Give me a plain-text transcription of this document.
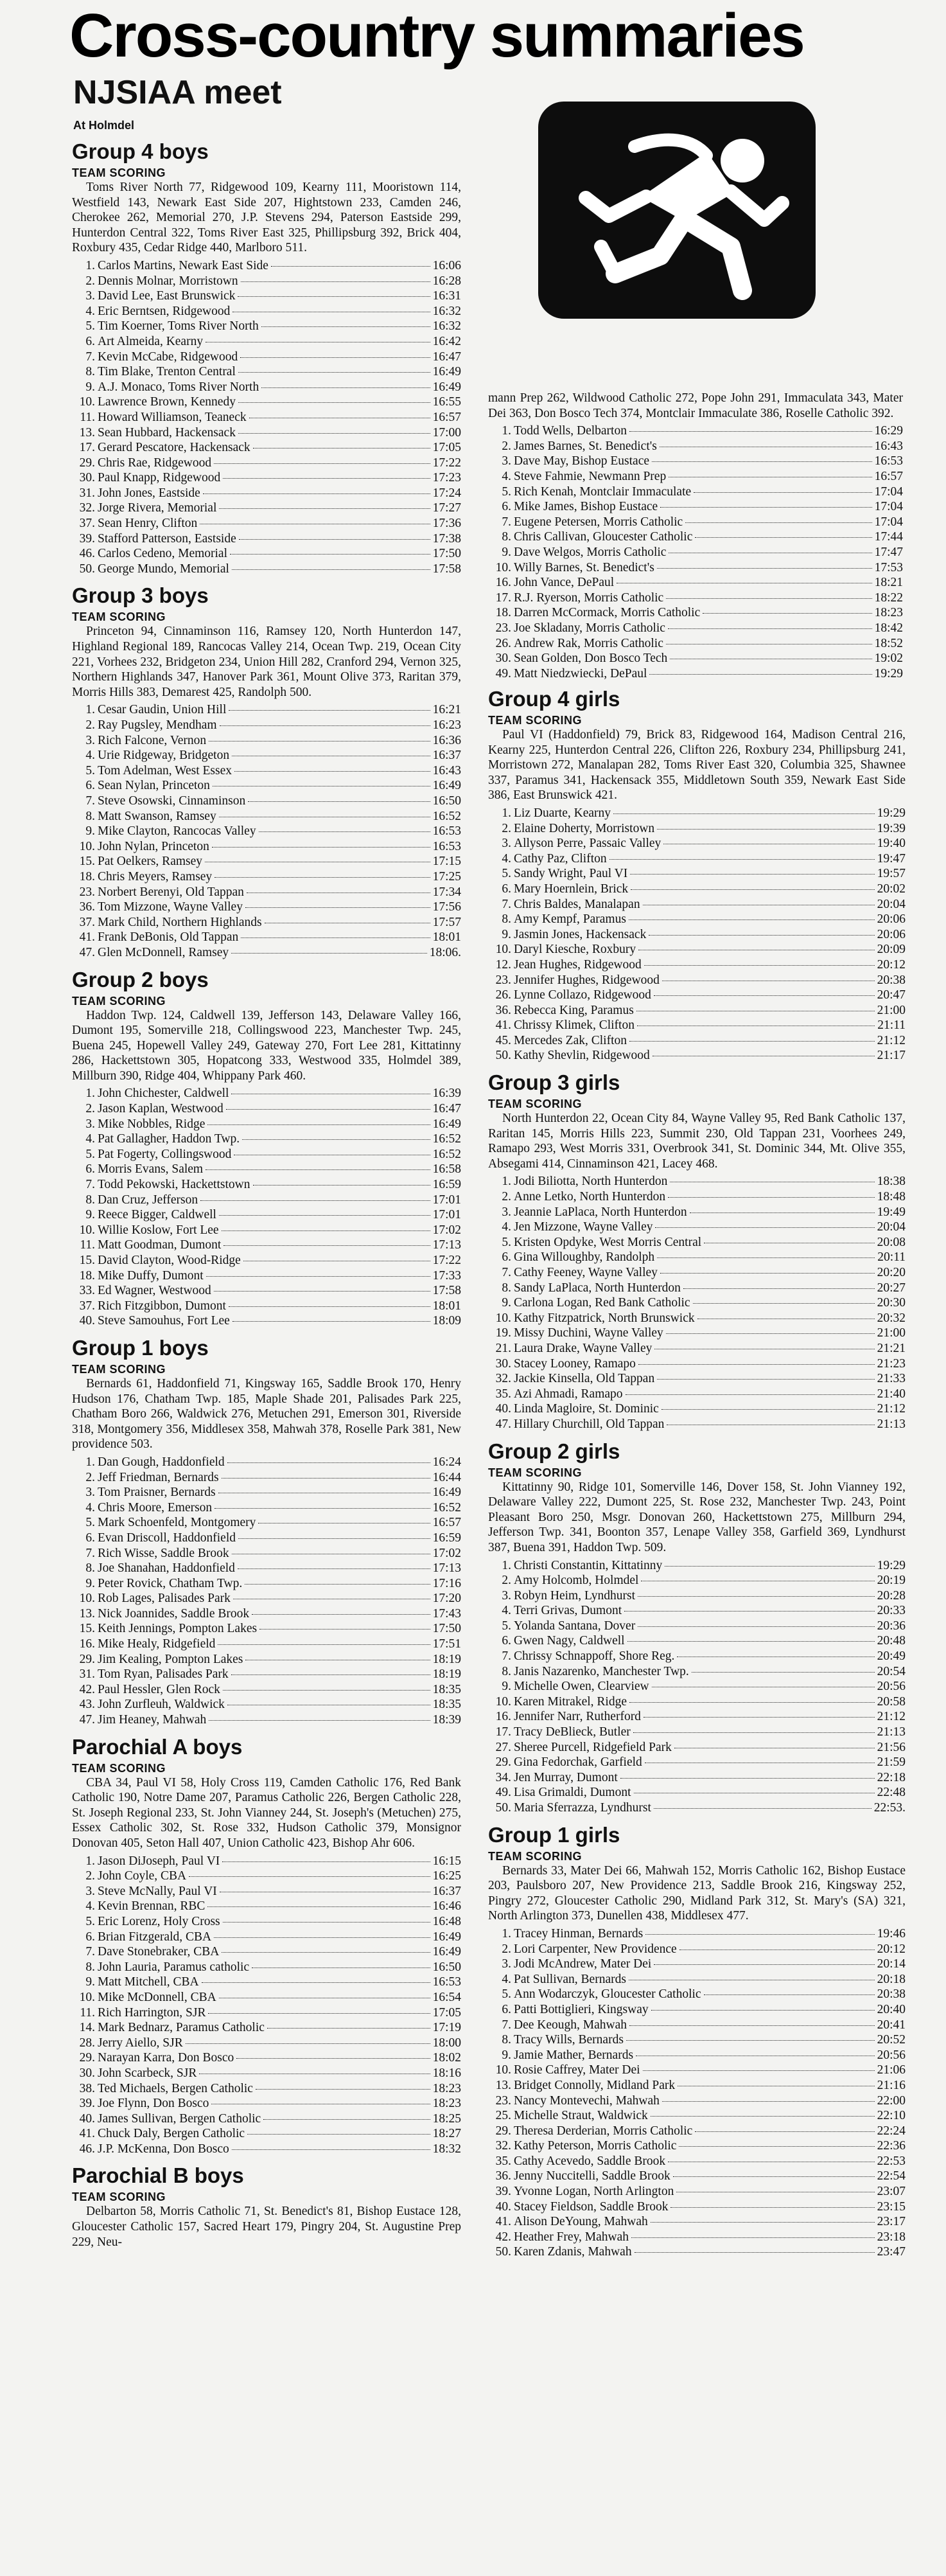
Cross-country summaries
NJSIAA meet
At Holmdel
Group 4 boys
TEAM SCORING
Toms River North 77, Ridgewood 109, Kearny 111, Mooristown 114, Westfield 143, Newark East Side 207, Hightstown 233, Camden 246, Cherokee 262, Memorial 270, J.P. Stevens 294, Paterson Eastside 299, Hunterdon Central 322, Toms River East 325, Phillipsburg 392, Brick 404, Roxbury 435, Cedar Ridge 440, Marlboro 511.
1. Carlos Martins, Newark East Side	16:06
2. Dennis Molnar, Morristown	16:28
3. David Lee, East Brunswick	16:31
4. Eric Berntsen, Ridgewood	16:32
5. Tim Koerner, Toms River North	16:32
6. Art Almeida, Kearny	16:42
7. Kevin McCabe, Ridgewood	16:47
8. Tim Blake, Trenton Central	16:49
9. A.J. Monaco, Toms River North	16:49
10. Lawrence Brown, Kennedy	16:55
11. Howard Williamson, Teaneck	16:57
13. Sean Hubbard, Hackensack	17:00
17. Gerard Pescatore, Hackensack	17:05
29. Chris Rae, Ridgewood	17:22
30. Paul Knapp, Ridgewood	17:23
31. John Jones, Eastside	17:24
32. Jorge Rivera, Memorial	17:27
37. Sean Henry, Clifton	17:36
39. Stafford Patterson, Eastside	17:38
46. Carlos Cedeno, Memorial	17:50
50. George Mundo, Memorial	17:58
Group 3 boys
TEAM SCORING
Princeton 94, Cinnaminson 116, Ramsey 120, North Hunterdon 147, Highland Regional 189, Rancocas Valley 214, Ocean Twp. 219, Ocean City 221, Vorhees 232, Bridgeton 234, Union Hill 282, Cranford 294, Vernon 325, Northern Highlands 347, Hanover Park 361, Mount Olive 373, Raritan 379, Morris Hills 383, Demarest 425, Randolph 500.
1. Cesar Gaudin, Union Hill	16:21
2. Ray Pugsley, Mendham	16:23
3. Rich Falcone, Vernon	16:36
4. Urie Ridgeway, Bridgeton	16:37
5. Tom Adelman, West Essex	16:43
6. Sean Nylan, Princeton	16:49
7. Steve Osowski, Cinnaminson	16:50
8. Matt Swanson, Ramsey	16:52
9. Mike Clayton, Rancocas Valley	16:53
10. John Nylan, Princeton	16:53
15. Pat Oelkers, Ramsey	17:15
18. Chris Meyers, Ramsey	17:25
23. Norbert Berenyi, Old Tappan	17:34
36. Tom Mizzone, Wayne Valley	17:56
37. Mark Child, Northern Highlands	17:57
41. Frank DeBonis, Old Tappan	18:01
47. Glen McDonnell, Ramsey	18:06.
Group 2 boys
TEAM SCORING
Haddon Twp. 124, Caldwell 139, Jefferson 143, Delaware Valley 166, Dumont 195, Somerville 218, Collingswood 223, Manchester Twp. 245, Buena 245, Hopewell Valley 249, Gateway 270, Fort Lee 281, Kittatinny 286, Hackettstown 305, Hopatcong 333, Westwood 335, Holmdel 389, Millburn 390, Ridge 404, Whippany Park 460.
1. John Chichester, Caldwell	16:39
2. Jason Kaplan, Westwood	16:47
3. Mike Nobbles, Ridge	16:49
4. Pat Gallagher, Haddon Twp.	16:52
5. Pat Fogerty, Collingswood	16:52
6. Morris Evans, Salem	16:58
7. Todd Pekowski, Hackettstown	16:59
8. Dan Cruz, Jefferson	17:01
9. Reece Bigger, Caldwell	17:01
10. Willie Koslow, Fort Lee	17:02
11. Matt Goodman, Dumont	17:13
15. David Clayton, Wood-Ridge	17:22
18. Mike Duffy, Dumont	17:33
33. Ed Wagner, Westwood	17:58
37. Rich Fitzgibbon, Dumont	18:01
40. Steve Samouhus, Fort Lee	18:09
Group 1 boys
TEAM SCORING
Bernards 61, Haddonfield 71, Kingsway 165, Saddle Brook 170, Henry Hudson 176, Chatham Twp. 185, Maple Shade 201, Palisades Park 225, Chatham Boro 266, Waldwick 276, Metuchen 291, Emerson 301, Riverside 318, Montgomery 356, Middlesex 358, Mahwah 378, Roselle Park 381, New providence 503.
1. Dan Gough, Haddonfield	16:24
2. Jeff Friedman, Bernards	16:44
3. Tom Praisner, Bernards	16:49
4. Chris Moore, Emerson	16:52
5. Mark Schoenfeld, Montgomery	16:57
6. Evan Driscoll, Haddonfield	16:59
7. Rich Wisse, Saddle Brook	17:02
8. Joe Shanahan, Haddonfield	17:13
9. Peter Rovick, Chatham Twp.	17:16
10. Rob Lages, Palisades Park	17:20
13. Nick Joannides, Saddle Brook	17:43
15. Keith Jennings, Pompton Lakes	17:50
16. Mike Healy, Ridgefield	17:51
29. Jim Kealing, Pompton Lakes	18:19
31. Tom Ryan, Palisades Park	18:19
42. Paul Hessler, Glen Rock	18:35
43. John Zurfleuh, Waldwick	18:35
47. Jim Heaney, Mahwah	18:39
Parochial A boys
TEAM SCORING
CBA 34, Paul VI 58, Holy Cross 119, Camden Catholic 176, Red Bank Catholic 190, Notre Dame 207, Paramus Catholic 226, Bergen Catholic 228, St. Joseph Regional 233, St. John Vianney 244, St. Joseph's (Metuchen) 275, Essex Catholic 302, St. Rose 332, Hudson Catholic 379, Monsignor Donovan 405, Seton Hall 407, Union Catholic 423, Bishop Ahr 606.
1. Jason DiJoseph, Paul VI	16:15
2. John Coyle, CBA	16:25
3. Steve McNally, Paul VI	16:37
4. Kevin Brennan, RBC	16:46
5. Eric Lorenz, Holy Cross	16:48
6. Brian Fitzgerald, CBA	16:49
7. Dave Stonebraker, CBA	16:49
8. John Lauria, Paramus catholic	16:50
9. Matt Mitchell, CBA	16:53
10. Mike McDonnell, CBA	16:54
11. Rich Harrington, SJR	17:05
14. Mark Bednarz, Paramus Catholic	17:19
28. Jerry Aiello, SJR	18:00
29. Narayan Karra, Don Bosco	18:02
30. John Scarbeck, SJR	18:16
38. Ted Michaels, Bergen Catholic	18:23
39. Joe Flynn, Don Bosco	18:23
40. James Sullivan, Bergen Catholic	18:25
41. Chuck Daly, Bergen Catholic	18:27
46. J.P. McKenna, Don Bosco	18:32
Parochial B boys
TEAM SCORING
Delbarton 58, Morris Catholic 71, St. Benedict's 81, Bishop Eustace 128, Gloucester Catholic 157, Sacred Heart 179, Pingry 204, St. Augustine Prep 229, Neu-
mann Prep 262, Wildwood Catholic 272, Pope John 291, Immaculata 343, Mater Dei 363, Don Bosco Tech 374, Montclair Immaculate 386, Roselle Catholic 392.
1. Todd Wells, Delbarton	16:29
2. James Barnes, St. Benedict's	16:43
3. Dave May, Bishop Eustace	16:53
4. Steve Fahmie, Newmann Prep	16:57
5. Rich Kenah, Montclair Immaculate	17:04
6. Mike James, Bishop Eustace	17:04
7. Eugene Petersen, Morris Catholic	17:04
8. Chris Callivan, Gloucester Catholic	17:44
9. Dave Welgos, Morris Catholic	17:47
10. Willy Barnes, St. Benedict's	17:53
16. John Vance, DePaul	18:21
17. R.J. Ryerson, Morris Catholic	18:22
18. Darren McCormack, Morris Catholic	18:23
23. Joe Skladany, Morris Catholic	18:42
26. Andrew Rak, Morris Catholic	18:52
30. Sean Golden, Don Bosco Tech	19:02
49. Matt Niedzwiecki, DePaul	19:29
Group 4 girls
TEAM SCORING
Paul VI (Haddonfield) 79, Brick 83, Ridgewood 164, Madison Central 216, Kearny 225, Hunterdon Central 226, Clifton 226, Roxbury 234, Phillipsburg 241, Morristown 272, Manalapan 282, Toms River East 320, Columbia 325, Shawnee 337, Paramus 341, Hackensack 355, Middletown South 359, Newark East Side 386, East Brunswick 421.
1. Liz Duarte, Kearny	19:29
2. Elaine Doherty, Morristown	19:39
3. Allyson Perre, Passaic Valley	19:40
4. Cathy Paz, Clifton	19:47
5. Sandy Wright, Paul VI	19:57
6. Mary Hoernlein, Brick	20:02
7. Chris Baldes, Manalapan	20:04
8. Amy Kempf, Paramus	20:06
9. Jasmin Jones, Hackensack	20:06
10. Daryl Kiesche, Roxbury	20:09
12. Jean Hughes, Ridgewood	20:12
23. Jennifer Hughes, Ridgewood	20:38
26. Lynne Collazo, Ridgewood	20:47
36. Rebecca King, Paramus	21:00
41. Chrissy Klimek, Clifton	21:11
45. Mercedes Zak, Clifton	21:12
50. Kathy Shevlin, Ridgewood	21:17
Group 3 girls
TEAM SCORING
North Hunterdon 22, Ocean City 84, Wayne Valley 95, Red Bank Catholic 137, Raritan 145, Morris Hills 223, Summit 230, Old Tappan 231, Voorhees 249, Ramapo 293, West Morris 331, Overbrook 341, St. Dominic 344, Mt. Olive 355, Absegami 414, Cinnaminson 421, Lacey 468.
1. Jodi Biliotta, North Hunterdon	18:38
2. Anne Letko, North Hunterdon	18:48
3. Jeannie LaPlaca, North Hunterdon	19:49
4. Jen Mizzone, Wayne Valley	20:04
5. Kristen Opdyke, West Morris Central	20:08
6. Gina Willoughby, Randolph	20:11
7. Cathy Feeney, Wayne Valley	20:20
8. Sandy LaPlaca, North Hunterdon	20:27
9. Carlona Logan, Red Bank Catholic	20:30
10. Kathy Fitzpatrick, North Brunswick	20:32
19. Missy Duchini, Wayne Valley	21:00
21. Laura Drake, Wayne Valley	21:21
30. Stacey Looney, Ramapo	21:23
32. Jackie Kinsella, Old Tappan	21:33
35. Azi Ahmadi, Ramapo	21:40
40. Linda Magloire, St. Dominic	21:12
47. Hillary Churchill, Old Tappan	21:13
Group 2 girls
TEAM SCORING
Kittatinny 90, Ridge 101, Somerville 146, Dover 158, St. John Vianney 192, Delaware Valley 222, Dumont 225, St. Rose 232, Manchester Twp. 243, Point Pleasant Boro 250, Msgr. Donovan 260, Hackettstown 275, Millburn 294, Jefferson Twp. 341, Boonton 357, Lenape Valley 358, Garfield 369, Lyndhurst 387, Buena 391, Haddon Twp. 509.
1. Christi Constantin, Kittatinny	19:29
2. Amy Holcomb, Holmdel	20:19
3. Robyn Heim, Lyndhurst	20:28
4. Terri Grivas, Dumont	20:33
5. Yolanda Santana, Dover	20:36
6. Gwen Nagy, Caldwell	20:48
7. Chrissy Schnappoff, Shore Reg.	20:49
8. Janis Nazarenko, Manchester Twp.	20:54
9. Michelle Owen, Clearview	20:56
10. Karen Mitrakel, Ridge	20:58
16. Jennifer Narr, Rutherford	21:12
17. Tracy DeBlieck, Butler	21:13
27. Sheree Purcell, Ridgefield Park	21:56
29. Gina Fedorchak, Garfield	21:59
34. Jen Murray, Dumont	22:18
49. Lisa Grimaldi, Dumont	22:48
50. Maria Sferrazza, Lyndhurst	22:53.
Group 1 girls
TEAM SCORING
Bernards 33, Mater Dei 66, Mahwah 152, Morris Catholic 162, Bishop Eustace 203, Paulsboro 207, New Providence 213, Saddle Brook 216, Kingsway 252, Pingry 272, Gloucester Catholic 290, Midland Park 312, St. Mary's (SA) 321, North Arlington 373, Dunellen 438, Middlesex 477.
1. Tracey Hinman, Bernards	19:46
2. Lori Carpenter, New Providence	20:12
3. Jodi McAndrew, Mater Dei	20:14
4. Pat Sullivan, Bernards	20:18
5. Ann Wodarczyk, Gloucester Catholic	20:38
6. Patti Bottiglieri, Kingsway	20:40
7. Dee Keough, Mahwah	20:41
8. Tracy Wills, Bernards	20:52
9. Jamie Mather, Bernards	20:56
10. Rosie Caffrey, Mater Dei	21:06
13. Bridget Connolly, Midland Park	21:16
23. Nancy Montevechi, Mahwah	22:00
25. Michelle Straut, Waldwick	22:10
29. Theresa Derderian, Morris Catholic	22:24
32. Kathy Peterson, Morris Catholic	22:36
35. Cathy Acevedo, Saddle Brook	22:53
36. Jenny Nuccitelli, Saddle Brook	22:54
39. Yvonne Logan, North Arlington	23:07
40. Stacey Fieldson, Saddle Brook	23:15
41. Alison DeYoung, Mahwah	23:17
42. Heather Frey, Mahwah	23:18
50. Karen Zdanis, Mahwah	23:47
